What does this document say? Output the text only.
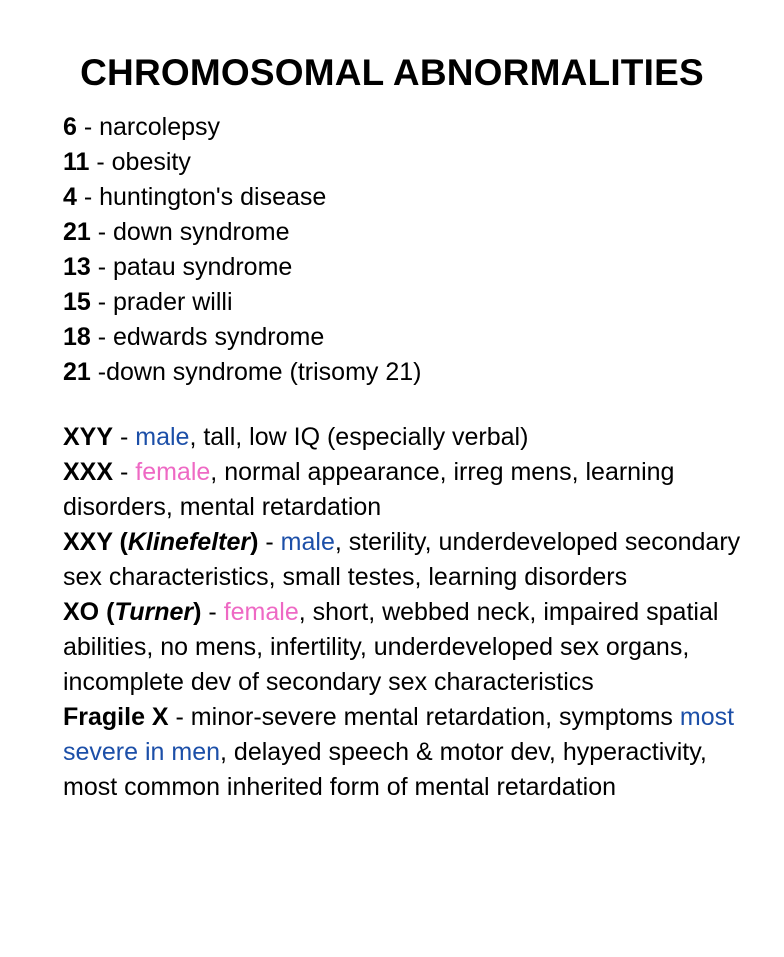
CHROMOSOMAL ABNORMALITIES
6 - narcolepsy
11 - obesity
4 - huntington's disease
21 - down syndrome
13 - patau syndrome
15 - prader willi
18 - edwards syndrome
21 -down syndrome (trisomy 21)
XYY - male, tall, low IQ (especially verbal)
XXX - female, normal appearance, irreg mens, learning disorders, mental retardation
XXY (Klinefelter) - male, sterility, underdeveloped secondary sex characteristics, small testes, learning disorders
XO (Turner) - female, short, webbed neck, impaired spatial abilities, no mens, infertility, underdeveloped sex organs, incomplete dev of secondary sex characteristics
Fragile X - minor-severe mental retardation, symptoms most severe in men, delayed speech & motor dev, hyperactivity, most common inherited form of mental retardation
